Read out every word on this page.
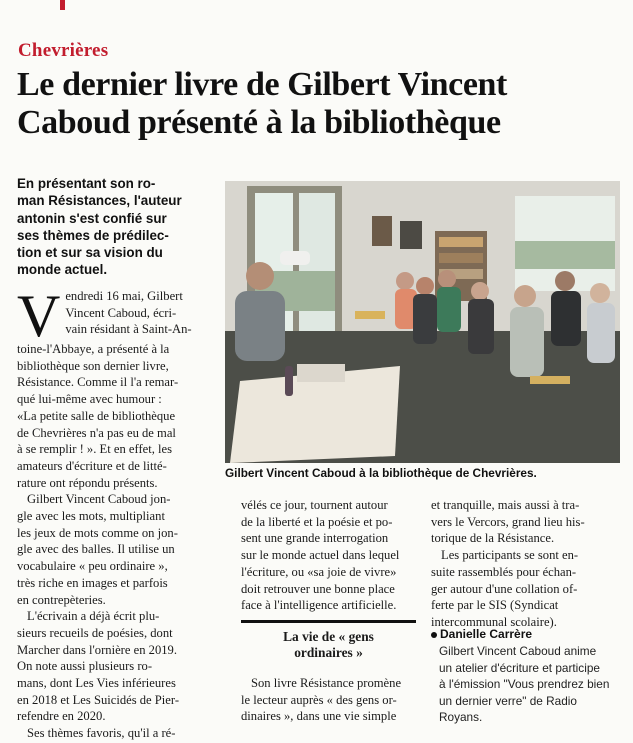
Chevrières
Le dernier livre de Gilbert Vincent
Caboud présenté à la bibliothèque
En présentant son ro-
man Résistances, l'auteur
antonin s'est confié sur
ses thèmes de prédilec-
tion et sur sa vision du
monde actuel.
V endredi 16 mai, Gilbert
Vincent Caboud, écri-
vain résidant à Saint-An-
toine-l'Abbaye, a présenté à la
bibliothèque son dernier livre,
Résistance. Comme il l'a remar-
qué lui-même avec humour :
«La petite salle de bibliothèque
de Chevrières n'a pas eu de mal
à se remplir ! ». Et en effet, les
amateurs d'écriture et de litté-
rature ont répondu présents.
Gilbert Vincent Caboud jon-
gle avec les mots, multipliant
les jeux de mots comme on jon-
gle avec des balles. Il utilise un
vocabulaire « peu ordinaire »,
très riche en images et parfois
en contrepèteries.
L'écrivain a déjà écrit plu-
sieurs recueils de poésies, dont
Marcher dans l'ornière en 2019.
On note aussi plusieurs ro-
mans, dont Les Vies inférieures
en 2018 et Les Suicidés de Pier-
refendre en 2020.
Ses thèmes favoris, qu'il a ré-
Gilbert Vincent Caboud à la bibliothèque de Chevrières.
vélés ce jour, tournent autour
de la liberté et la poésie et po-
sent une grande interrogation
sur le monde actuel dans lequel
l'écriture, ou «sa joie de vivre»
doit retrouver une bonne place
face à l'intelligence artificielle.
La vie de « gens
ordinaires »
Son livre Résistance promène
le lecteur auprès « des gens or-
dinaires », dans une vie simple
et tranquille, mais aussi à tra-
vers le Vercors, grand lieu his-
torique de la Résistance.
Les participants se sont en-
suite rassemblés pour échan-
ger autour d'une collation of-
ferte par le SIS (Syndicat
intercommunal scolaire).
Danielle Carrère
Gilbert Vincent Caboud anime
un atelier d'écriture et participe
à l'émission "Vous prendrez bien
un dernier verre" de Radio
Royans.
